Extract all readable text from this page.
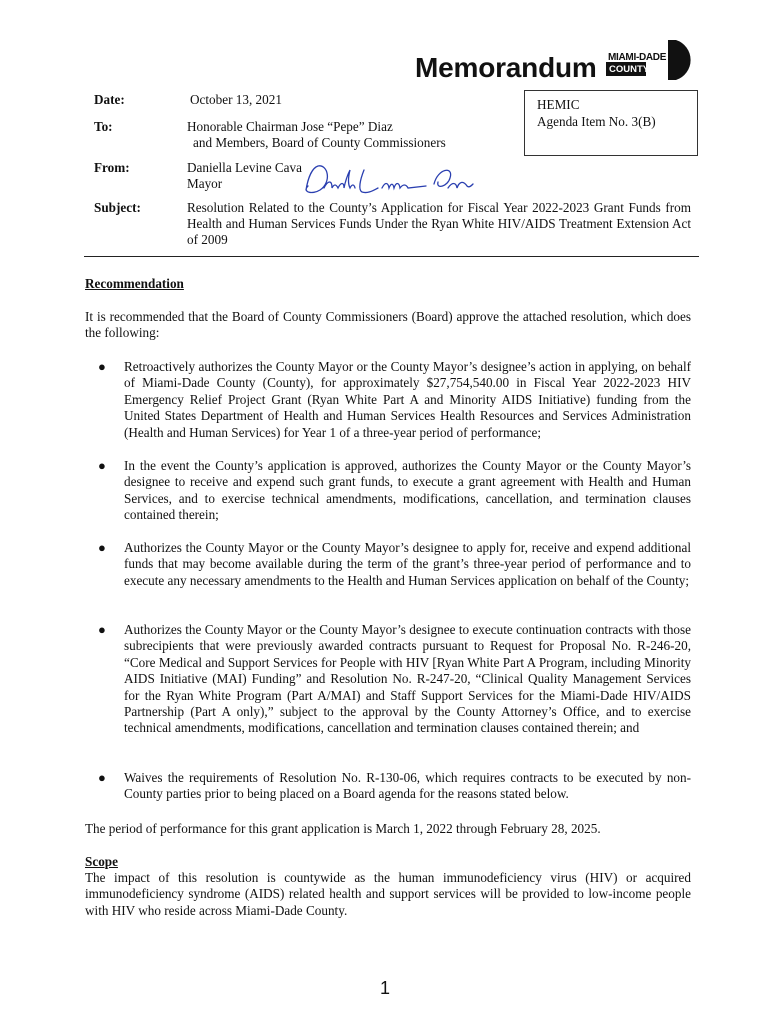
Memorandum MIAMI-DADE
COUNTY
Date:	October 13, 2021
To:	Honorable Chairman Jose “Pepe” Diaz
and Members, Board of County Commissioners
From:	Daniella Levine Cava
Mayor
Subject:	Resolution Related to the County’s Application for Fiscal Year 2022-2023 Grant Funds from Health and Human Services Funds Under the Ryan White HIV/AIDS Treatment Extension Act of 2009
HEMIC
Agenda Item No. 3(B)
Recommendation
It is recommended that the Board of County Commissioners (Board) approve the attached resolution, which does the following:
● Retroactively authorizes the County Mayor or the County Mayor’s designee’s action in applying, on behalf of Miami-Dade County (County), for approximately $27,754,540.00 in Fiscal Year 2022-2023 HIV Emergency Relief Project Grant (Ryan White Part A and Minority AIDS Initiative) funding from the United States Department of Health and Human Services Health Resources and Services Administration (Health and Human Services) for Year 1 of a three-year period of performance;
● In the event the County’s application is approved, authorizes the County Mayor or the County Mayor’s designee to receive and expend such grant funds, to execute a grant agreement with Health and Human Services, and to exercise technical amendments, modifications, cancellation, and termination clauses contained therein;
● Authorizes the County Mayor or the County Mayor’s designee to apply for, receive and expend additional funds that may become available during the term of the grant’s three-year period of performance and to execute any necessary amendments to the Health and Human Services application on behalf of the County;
● Authorizes the County Mayor or the County Mayor’s designee to execute continuation contracts with those subrecipients that were previously awarded contracts pursuant to Request for Proposal No. R-246-20, “Core Medical and Support Services for People with HIV [Ryan White Part A Program, including Minority AIDS Initiative (MAI) Funding” and Resolution No. R-247-20, “Clinical Quality Management Services for the Ryan White Program (Part A/MAI) and Staff Support Services for the Miami-Dade HIV/AIDS Partnership (Part A only),” subject to the approval by the County Attorney’s Office, and to exercise technical amendments, modifications, cancellation and termination clauses contained therein; and
● Waives the requirements of Resolution No. R-130-06, which requires contracts to be executed by non-County parties prior to being placed on a Board agenda for the reasons stated below.
The period of performance for this grant application is March 1, 2022 through February 28, 2025.
Scope
The impact of this resolution is countywide as the human immunodeficiency virus (HIV) or acquired immunodeficiency syndrome (AIDS) related health and support services will be provided to low-income people with HIV who reside across Miami-Dade County.
1
